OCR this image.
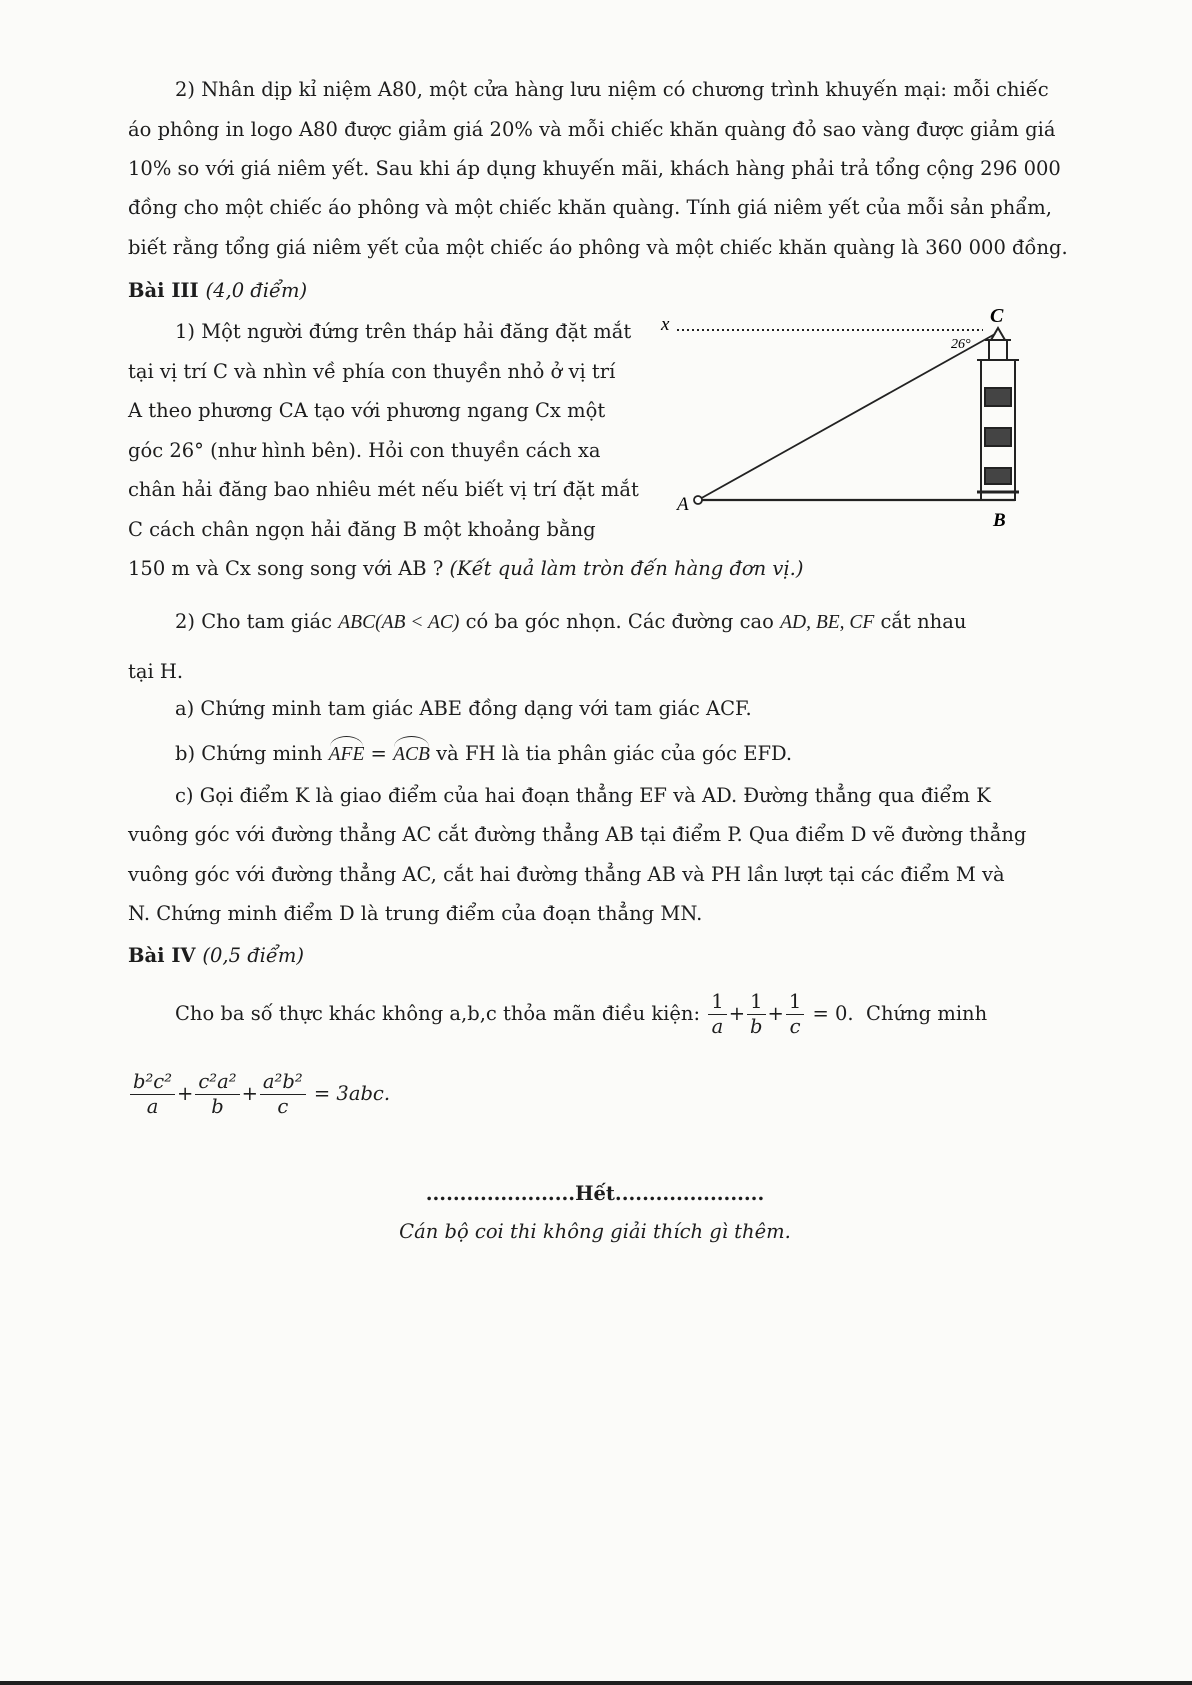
2) Nhân dịp kỉ niệm A80, một cửa hàng lưu niệm có chương trình khuyến mại: mỗi chiếc
áo phông in logo A80 được giảm giá 20% và mỗi chiếc khăn quàng đỏ sao vàng được giảm giá
10% so với giá niêm yết. Sau khi áp dụng khuyến mãi, khách hàng phải trả tổng cộng 296 000
đồng cho một chiếc áo phông và một chiếc khăn quàng. Tính giá niêm yết của mỗi sản phẩm,
biết rằng tổng giá niêm yết của một chiếc áo phông và một chiếc khăn quàng là 360 000 đồng.
Bài III (4,0 điểm)
1) Một người đứng trên tháp hải đăng đặt mắt
tại vị trí C và nhìn về phía con thuyền nhỏ ở vị trí
A theo phương CA tạo với phương ngang Cx một
góc 26° (như hình bên). Hỏi con thuyền cách xa
chân hải đăng bao nhiêu mét nếu biết vị trí đặt mắt
C cách chân ngọn hải đăng B một khoảng bằng
150 m và Cx song song với AB ? (Kết quả làm tròn đến hàng đơn vị.)
x	C
26°
A
B
2) Cho tam giác ABC(AB < AC) có ba góc nhọn. Các đường cao AD, BE, CF cắt nhau
tại H.
a) Chứng minh tam giác ABE đồng dạng với tam giác ACF.
b) Chứng minh AFE = ACB và FH là tia phân giác của góc EFD.
c) Gọi điểm K là giao điểm của hai đoạn thẳng EF và AD. Đường thẳng qua điểm K
vuông góc với đường thẳng AC cắt đường thẳng AB tại điểm P. Qua điểm D vẽ đường thẳng
vuông góc với đường thẳng AC, cắt hai đường thẳng AB và PH lần lượt tại các điểm M và
N. Chứng minh điểm D là trung điểm của đoạn thẳng MN.
Bài IV (0,5 điểm)
Cho ba số thực khác không a,b,c thỏa mãn điều kiện: $\frac{1}{a} + \frac{1}{b} + \frac{1}{c} = 0$. Chứng minh
$\frac{\text{b²c²}}{a} + \frac{\text{c²a²}}{b} + \frac{\text{a²b²}}{c} = 3abc$.
......................Hết......................
Cán bộ coi thi không giải thích gì thêm.
